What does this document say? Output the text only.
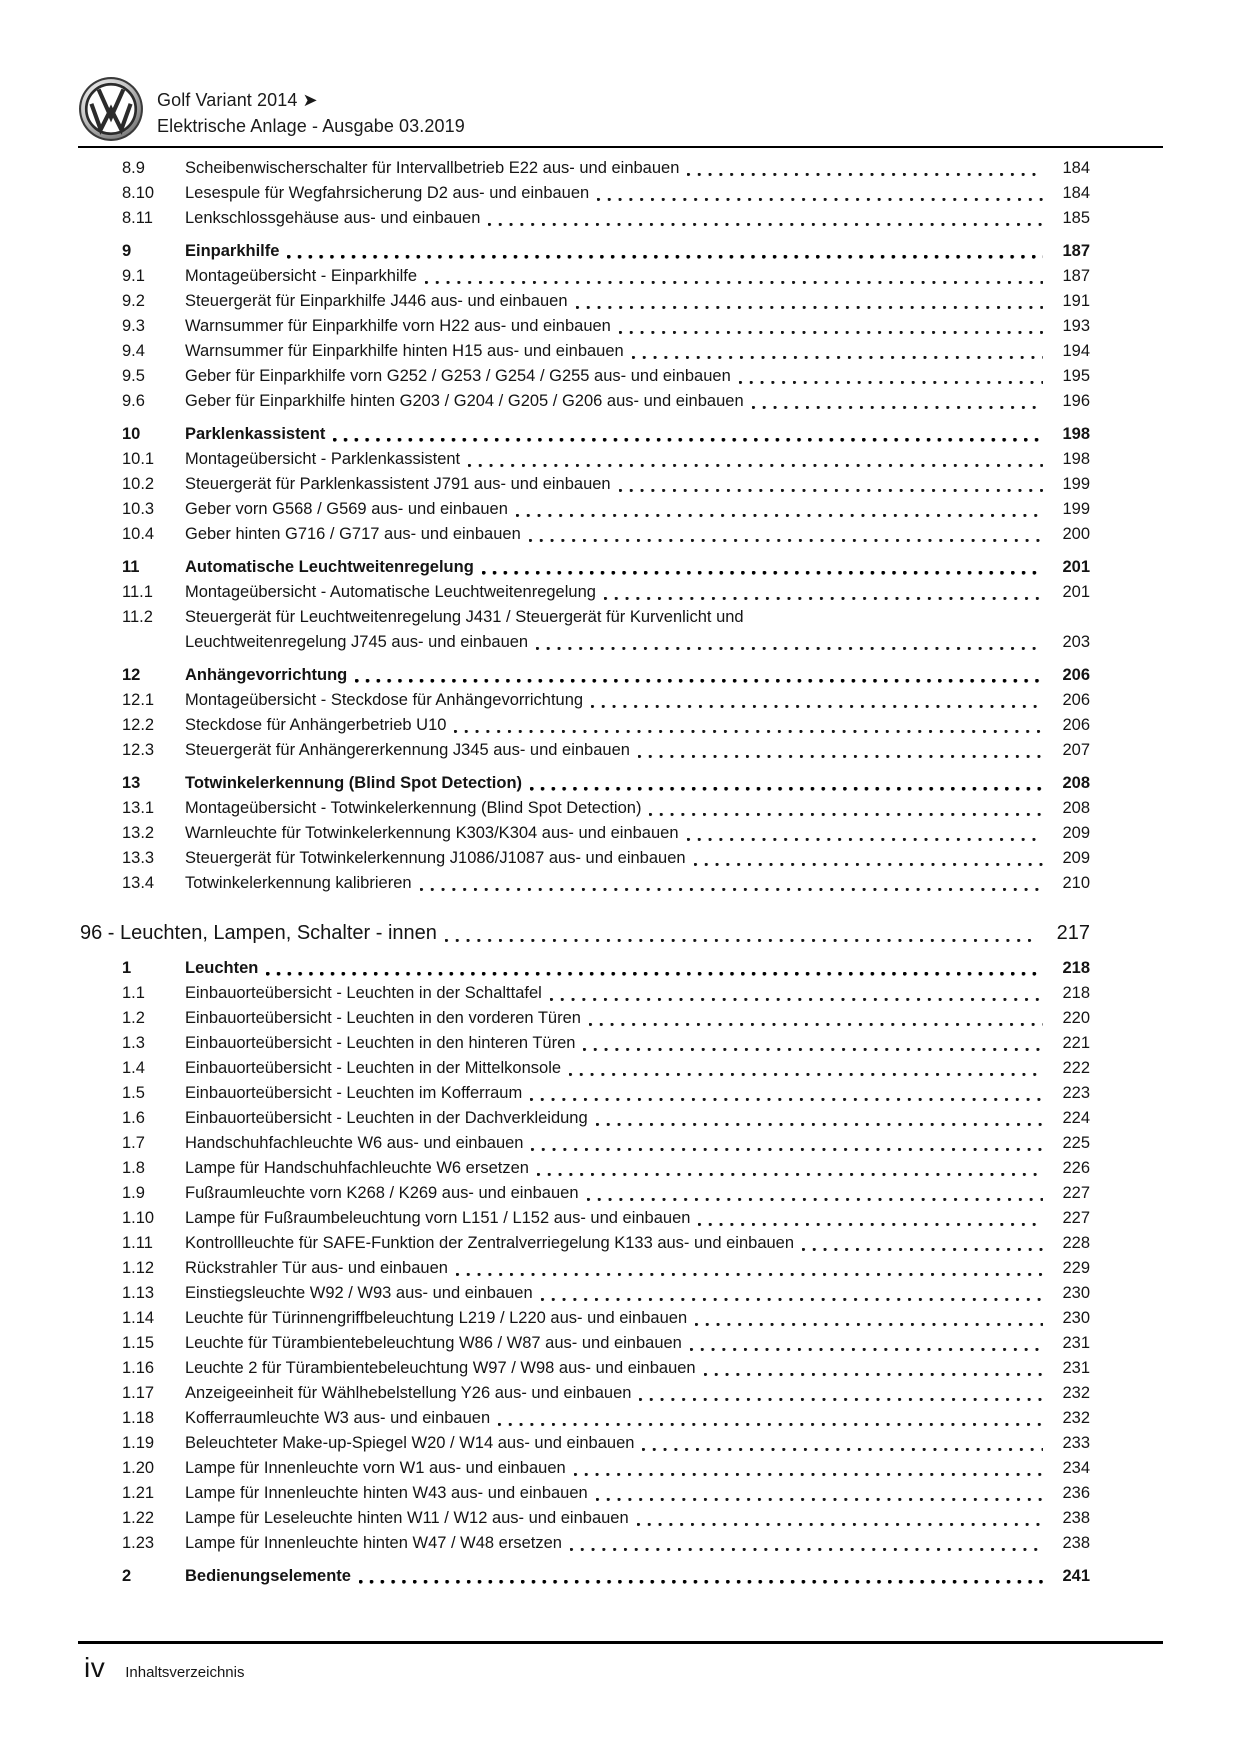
Golf Variant 2014 ➤
Elektrische Anlage - Ausgabe 03.2019
8.9	Scheibenwischerschalter für Intervallbetrieb E22 aus- und einbauen	184
8.10	Lesespule für Wegfahrsicherung D2 aus- und einbauen	184
8.11	Lenkschlossgehäuse aus- und einbauen	185
9	Einparkhilfe	187
9.1	Montageübersicht - Einparkhilfe	187
9.2	Steuergerät für Einparkhilfe J446 aus- und einbauen	191
9.3	Warnsummer für Einparkhilfe vorn H22 aus- und einbauen	193
9.4	Warnsummer für Einparkhilfe hinten H15 aus- und einbauen	194
9.5	Geber für Einparkhilfe vorn G252 / G253 / G254 / G255 aus- und einbauen	195
9.6	Geber für Einparkhilfe hinten G203 / G204 / G205 / G206 aus- und einbauen	196
10	Parklenkassistent	198
10.1	Montageübersicht - Parklenkassistent	198
10.2	Steuergerät für Parklenkassistent J791 aus- und einbauen	199
10.3	Geber vorn G568 / G569 aus- und einbauen	199
10.4	Geber hinten G716 / G717 aus- und einbauen	200
11	Automatische Leuchtweitenregelung	201
11.1	Montageübersicht - Automatische Leuchtweitenregelung	201
11.2	Steuergerät für Leuchtweitenregelung J431 / Steuergerät für Kurvenlicht und
Leuchtweitenregelung J745 aus- und einbauen	203
12	Anhängevorrichtung	206
12.1	Montageübersicht - Steckdose für Anhängevorrichtung	206
12.2	Steckdose für Anhängerbetrieb U10	206
12.3	Steuergerät für Anhängererkennung J345 aus- und einbauen	207
13	Totwinkelerkennung (Blind Spot Detection)	208
13.1	Montageübersicht - Totwinkelerkennung (Blind Spot Detection)	208
13.2	Warnleuchte für Totwinkelerkennung K303/K304 aus- und einbauen	209
13.3	Steuergerät für Totwinkelerkennung J1086/J1087 aus- und einbauen	209
13.4	Totwinkelerkennung kalibrieren	210
96 - Leuchten, Lampen, Schalter - innen	217
1	Leuchten	218
1.1	Einbauorteübersicht - Leuchten in der Schalttafel	218
1.2	Einbauorteübersicht - Leuchten in den vorderen Türen	220
1.3	Einbauorteübersicht - Leuchten in den hinteren Türen	221
1.4	Einbauorteübersicht - Leuchten in der Mittelkonsole	222
1.5	Einbauorteübersicht - Leuchten im Kofferraum	223
1.6	Einbauorteübersicht - Leuchten in der Dachverkleidung	224
1.7	Handschuhfachleuchte W6 aus- und einbauen	225
1.8	Lampe für Handschuhfachleuchte W6 ersetzen	226
1.9	Fußraumleuchte vorn K268 / K269 aus- und einbauen	227
1.10	Lampe für Fußraumbeleuchtung vorn L151 / L152 aus- und einbauen	227
1.11	Kontrollleuchte für SAFE-Funktion der Zentralverriegelung K133 aus- und einbauen	228
1.12	Rückstrahler Tür aus- und einbauen	229
1.13	Einstiegsleuchte W92 / W93 aus- und einbauen	230
1.14	Leuchte für Türinnengriffbeleuchtung L219 / L220 aus- und einbauen	230
1.15	Leuchte für Türambientebeleuchtung W86 / W87 aus- und einbauen	231
1.16	Leuchte 2 für Türambientebeleuchtung W97 / W98 aus- und einbauen	231
1.17	Anzeigeeinheit für Wählhebelstellung Y26 aus- und einbauen	232
1.18	Kofferraumleuchte W3 aus- und einbauen	232
1.19	Beleuchteter Make-up-Spiegel W20 / W14 aus- und einbauen	233
1.20	Lampe für Innenleuchte vorn W1 aus- und einbauen	234
1.21	Lampe für Innenleuchte hinten W43 aus- und einbauen	236
1.22	Lampe für Leseleuchte hinten W11 / W12 aus- und einbauen	238
1.23	Lampe für Innenleuchte hinten W47 / W48 ersetzen	238
2	Bedienungselemente	241
iv Inhaltsverzeichnis
